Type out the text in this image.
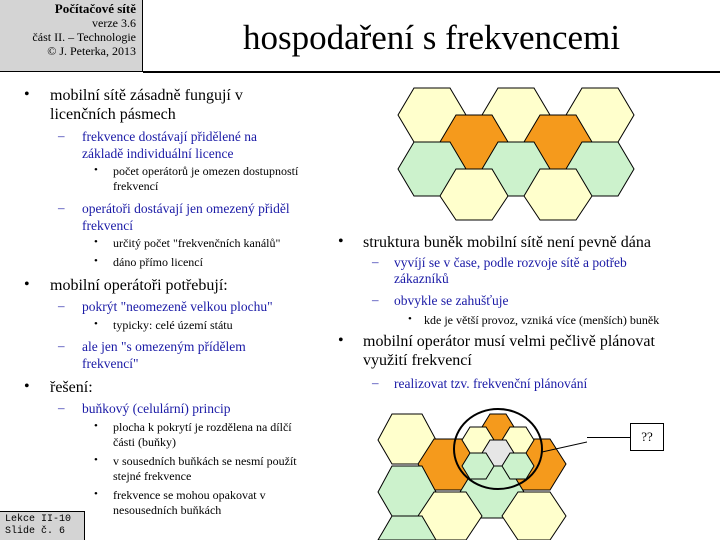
Počítačové sítě
verze 3.6
část II. – Technologie
© J. Peterka, 2013	hospodaření s frekvencemi
• mobilní sítě zásadně fungují v
licenčních pásmech
– frekvence dostávají přidělené na
základě individuální licence
• počet operátorů je omezen dostupností
frekvencí
– operátoři dostávají jen omezený přiděl
frekvencí
• určitý počet "frekvenčních kanálů"
• dáno přímo licencí
• mobilní operátoři potřebují:
– pokrýt "neomezeně velkou plochu"
• typicky: celé území státu
– ale jen "s omezeným přídělem
frekvencí"
• řešení:
– buňkový (celulární) princip
• plocha k pokrytí je rozdělena na dílčí
části (buňky)
• v sousedních buňkách se nesmí použít
stejné frekvence
• frekvence se mohou opakovat v
nesousedních buňkách
• struktura buněk mobilní sítě není pevně dána
– vyvíjí se v čase, podle rozvoje sítě a potřeb
zákazníků
– obvykle se zahušťuje
• kde je větší provoz, vzniká více (menších) buněk
• mobilní operátor musí velmi pečlivě plánovat
využití frekvencí
– realizovat tzv. frekvenční plánování
??
Lekce II-10
Slide č. 6
